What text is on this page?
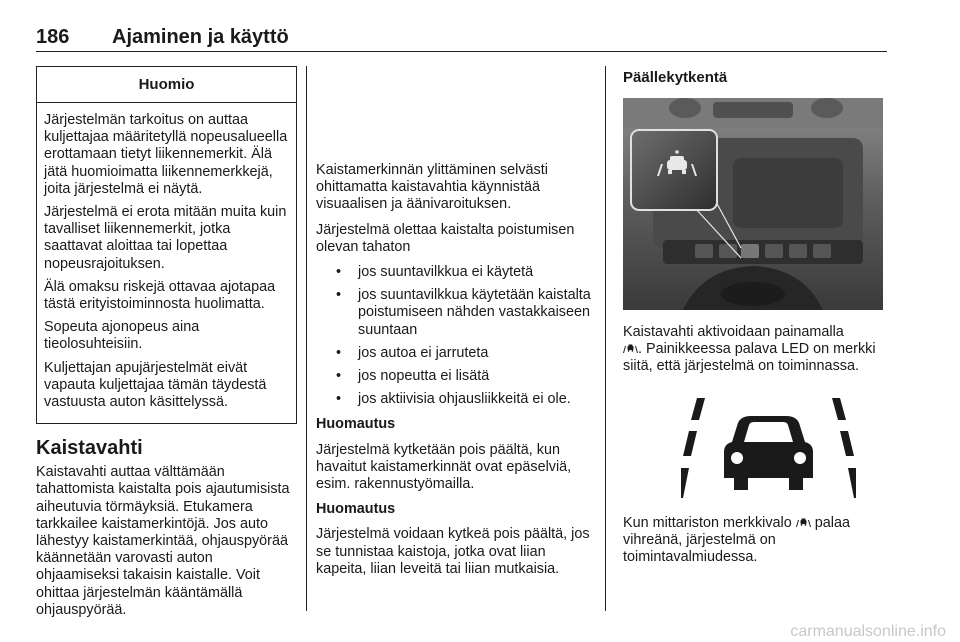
186 Ajaminen ja käyttö
Huomio

Järjestelmän tarkoitus on auttaa kuljettajaa määritetyllä nopeusalueella erottamaan tietyt liikennemerkit. Älä jätä huomioimatta liikennemerkkejä, joita järjestelmä ei näytä.

Järjestelmä ei erota mitään muita kuin tavalliset liikennemerkit, jotka saattavat aloittaa tai lopettaa nopeusrajoituksen.

Älä omaksu riskejä ottavaa ajotapaa tästä erityistoiminnosta huolimatta.

Sopeuta ajonopeus aina tieolosuhteisiin.

Kuljettajan apujärjestelmät eivät vapauta kuljettajaa tämän täydestä vastuusta auton käsittelyssä.

Kaistavahti

Kaistavahti auttaa välttämään tahattomista kaistalta pois ajautumisista aiheutuvia törmäyksiä. Etukamera tarkkailee kaistamerkintöjä. Jos auto lähestyy kaistamerkintää, ohjauspyörää käännetään varovasti auton ohjaamiseksi takaisin kaistalle. Voit ohittaa järjestelmän kääntämällä ohjauspyörää.

Kaistamerkinnän ylittäminen selvästi ohittamatta kaistavahtia käynnistää visuaalisen ja äänivaroituksen.

Järjestelmä olettaa kaistalta poistumisen olevan tahaton

• jos suuntavilkkua ei käytetä
• jos suuntavilkkua käytetään kaistalta poistumiseen nähden vastakkaiseen suuntaan
• jos autoa ei jarruteta
• jos nopeutta ei lisätä
• jos aktiivisia ohjausliikkeitä ei ole.

Huomautus

Järjestelmä kytketään pois päältä, kun havaitut kaistamerkinnät ovat epäselviä, esim. rakennustyömailla.

Huomautus

Järjestelmä voidaan kytkeä pois päältä, jos se tunnistaa kaistoja, jotka ovat liian kapeita, liian leveitä tai liian mutkaisia.

Päällekytkentä

Kaistavahti aktivoidaan painamalla
. Painikkeessa palava LED on merkki siitä, että järjestelmä on toiminnassa.

Kun mittariston merkkivalo palaa vihreänä, järjestelmä on toimintavalmiudessa.

carmanualsonline.info
